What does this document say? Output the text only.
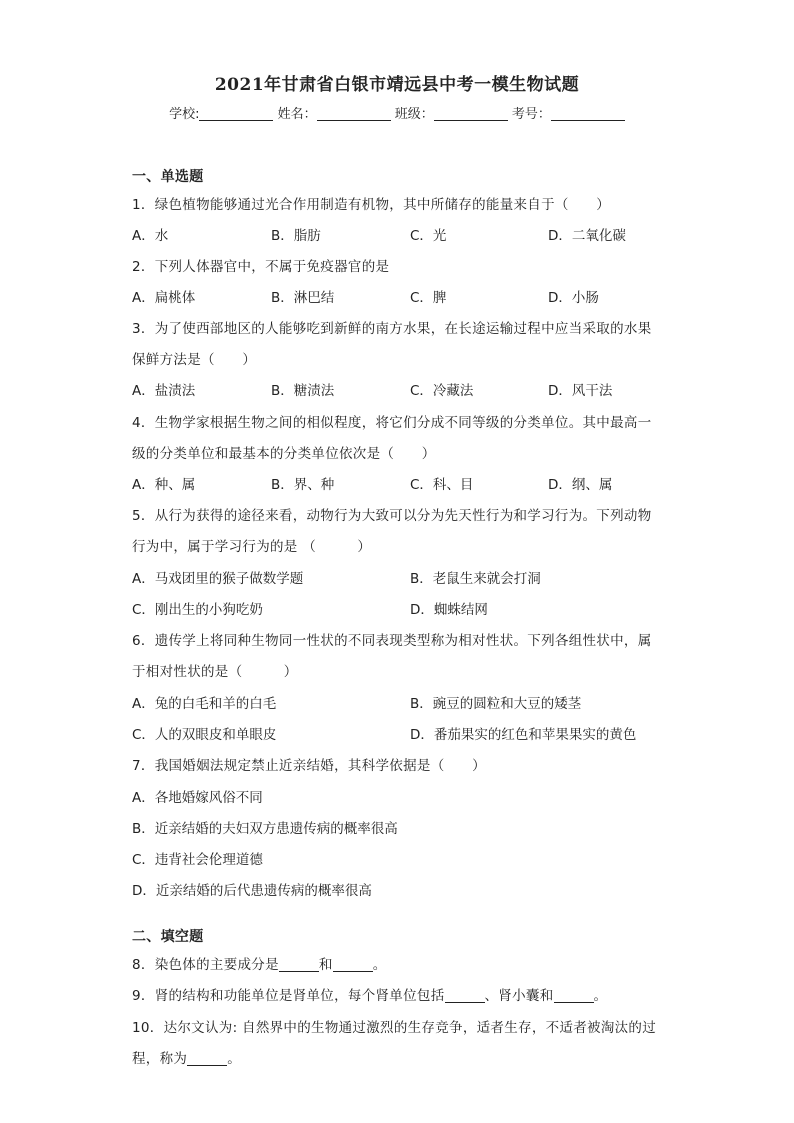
2021年甘肃省白银市靖远县中考一模生物试题
学校:	姓名：	班级：	考号：
一、单选题
1．绿色植物能够通过光合作用制造有机物，其中所储存的能量来自于（　　）
A．水	B．脂肪	C．光	D．二氧化碳
2．下列人体器官中，不属于免疫器官的是
A．扁桃体	B．淋巴结	C．脾	D．小肠
3．为了使西部地区的人能够吃到新鲜的南方水果，在长途运输过程中应当采取的水果
保鲜方法是（　　）
A．盐渍法	B．糖渍法	C．冷藏法	D．风干法
4．生物学家根据生物之间的相似程度，将它们分成不同等级的分类单位。其中最高一
级的分类单位和最基本的分类单位依次是（　　）
A．种、属	B．界、种	C．科、目	D．纲、属
5．从行为获得的途径来看，动物行为大致可以分为先天性行为和学习行为。下列动物
行为中，属于学习行为的是 （　　　）
A．马戏团里的猴子做数学题	B．老鼠生来就会打洞
C．刚出生的小狗吃奶	D．蜘蛛结网
6．遗传学上将同种生物同一性状的不同表现类型称为相对性状。下列各组性状中，属
于相对性状的是（　　　）
A．兔的白毛和羊的白毛	B．豌豆的圆粒和大豆的矮茎
C．人的双眼皮和单眼皮	D．番茄果实的红色和苹果果实的黄色
7．我国婚姻法规定禁止近亲结婚，其科学依据是（　　）
A．各地婚嫁风俗不同
B．近亲结婚的夫妇双方患遗传病的概率很高
C．违背社会伦理道德
D．近亲结婚的后代患遗传病的概率很高
二、填空题
8．染色体的主要成分是	和	。
9．肾的结构和功能单位是肾单位，每个肾单位包括	、肾小囊和	。
10．达尔文认为: 自然界中的生物通过激烈的生存竞争，适者生存，不适者被淘汰的过
程，称为	。
